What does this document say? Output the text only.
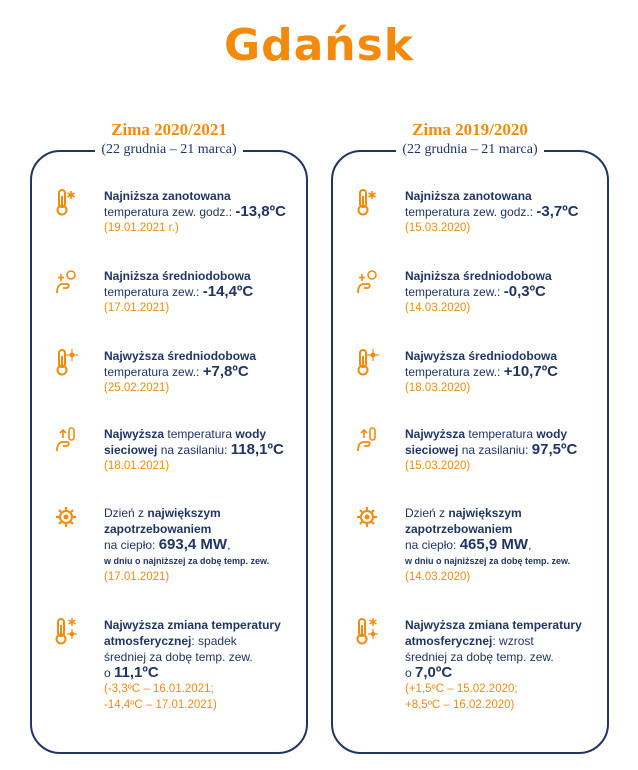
Gdańsk
Zima 2020/2021
(22 grudnia – 21 marca)
Najniższa zanotowana
temperatura zew. godz.: -13,8ºC
(19.01.2021 r.)
Najniższa średniodobowa
temperatura zew.: -14,4ºC
(17.01.2021)
Najwyższa średniodobowa
temperatura zew.: +7,8ºC
(25.02.2021)
Najwyższa temperatura wody
sieciowej na zasilaniu: 118,1ºC
(18.01.2021)
Dzień z największym
zapotrzebowaniem
na ciepło: 693,4 MW,
w dniu o najniższej za dobę temp. zew.
(17.01.2021)
Najwyższa zmiana temperatury
atmosferycznej: spadek
średniej za dobę temp. zew.
o 11,1ºC
(-3,3ºC – 16.01.2021;
-14,4ºC – 17.01.2021)
Zima 2019/2020
(22 grudnia – 21 marca)
Najniższa zanotowana
temperatura zew. godz.: -3,7ºC
(15.03.2020)
Najniższa średniodobowa
temperatura zew.: -0,3ºC
(14.03.2020)
Najwyższa średniodobowa
temperatura zew.: +10,7ºC
(18.03.2020)
Najwyższa temperatura wody
sieciowej na zasilaniu: 97,5ºC
(15.03.2020)
Dzień z największym
zapotrzebowaniem
na ciepło: 465,9 MW,
w dniu o najniższej za dobę temp. zew.
(14.03.2020)
Najwyższa zmiana temperatury
atmosferycznej: wzrost
średniej za dobę temp. zew.
o 7,0ºC
(+1,5ºC – 15.02.2020;
+8,5ºC – 16.02.2020)
